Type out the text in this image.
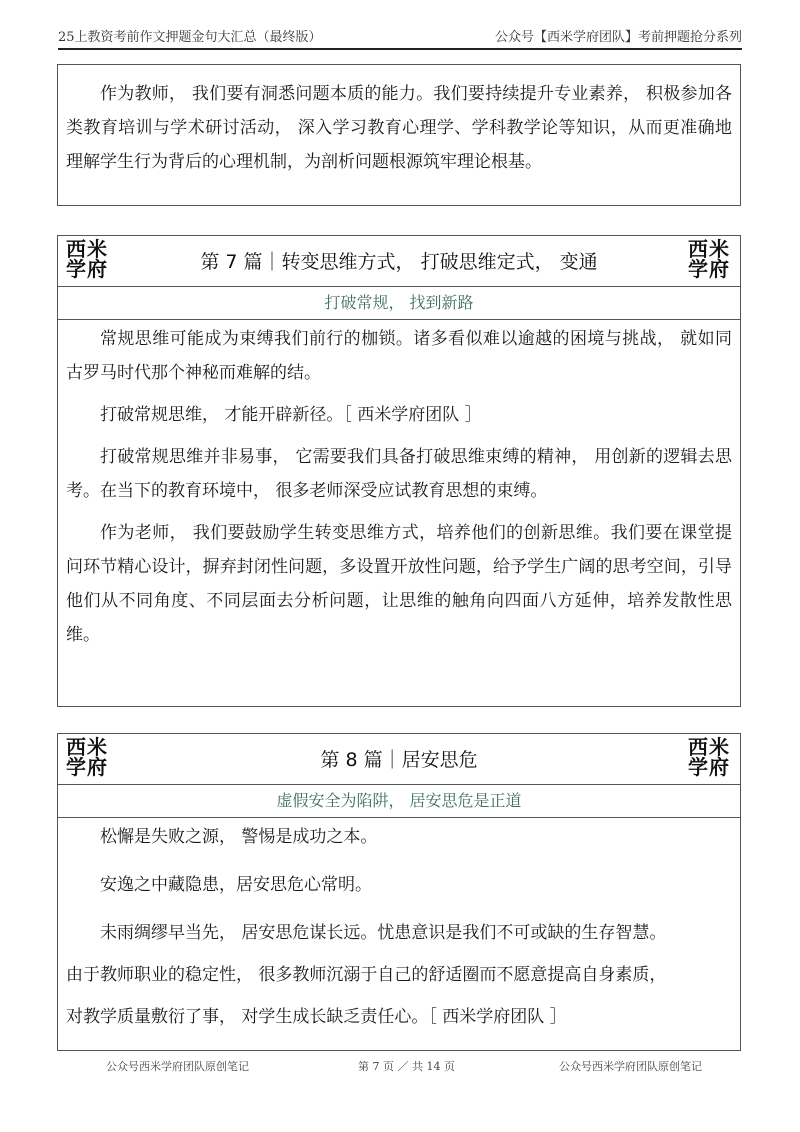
25上教资考前作文押题金句大汇总（最终版）	公众号【西米学府团队】考前押题抢分系列

作为教师， 我们要有洞悉问题本质的能力。我们要持续提升专业素养， 积极参加各类教育培训与学术研讨活动， 深入学习教育心理学、学科教学论等知识，从而更准确地理解学生行为背后的心理机制，为剖析问题根源筑牢理论根基。

西米
学府	第 7 篇｜转变思维方式， 打破思维定式， 变通
西米
学府
打破常规， 找到新路

常规思维可能成为束缚我们前行的枷锁。诸多看似难以逾越的困境与挑战， 就如同古罗马时代那个神秘而难解的结。

打破常规思维， 才能开辟新径。［ 西米学府团队 ］

打破常规思维并非易事， 它需要我们具备打破思维束缚的精神， 用创新的逻辑去思考。在当下的教育环境中， 很多老师深受应试教育思想的束缚。

作为老师， 我们要鼓励学生转变思维方式，培养他们的创新思维。我们要在课堂提问环节精心设计，摒弃封闭性问题，多设置开放性问题，给予学生广阔的思考空间，引导他们从不同角度、不同层面去分析问题，让思维的触角向四面八方延伸，培养发散性思维。

西米
学府	第 8 篇｜居安思危
西米
学府
虚假安全为陷阱， 居安思危是正道

松懈是失败之源， 警惕是成功之本。

安逸之中藏隐患，居安思危心常明。

未雨绸缪早当先， 居安思危谋长远。忧患意识是我们不可或缺的生存智慧。

由于教师职业的稳定性， 很多教师沉溺于自己的舒适圈而不愿意提高自身素质，

对教学质量敷衍了事， 对学生成长缺乏责任心。［ 西米学府团队 ］

公众号西米学府团队原创笔记	第 7 页 ／ 共 14 页	公众号西米学府团队原创笔记
